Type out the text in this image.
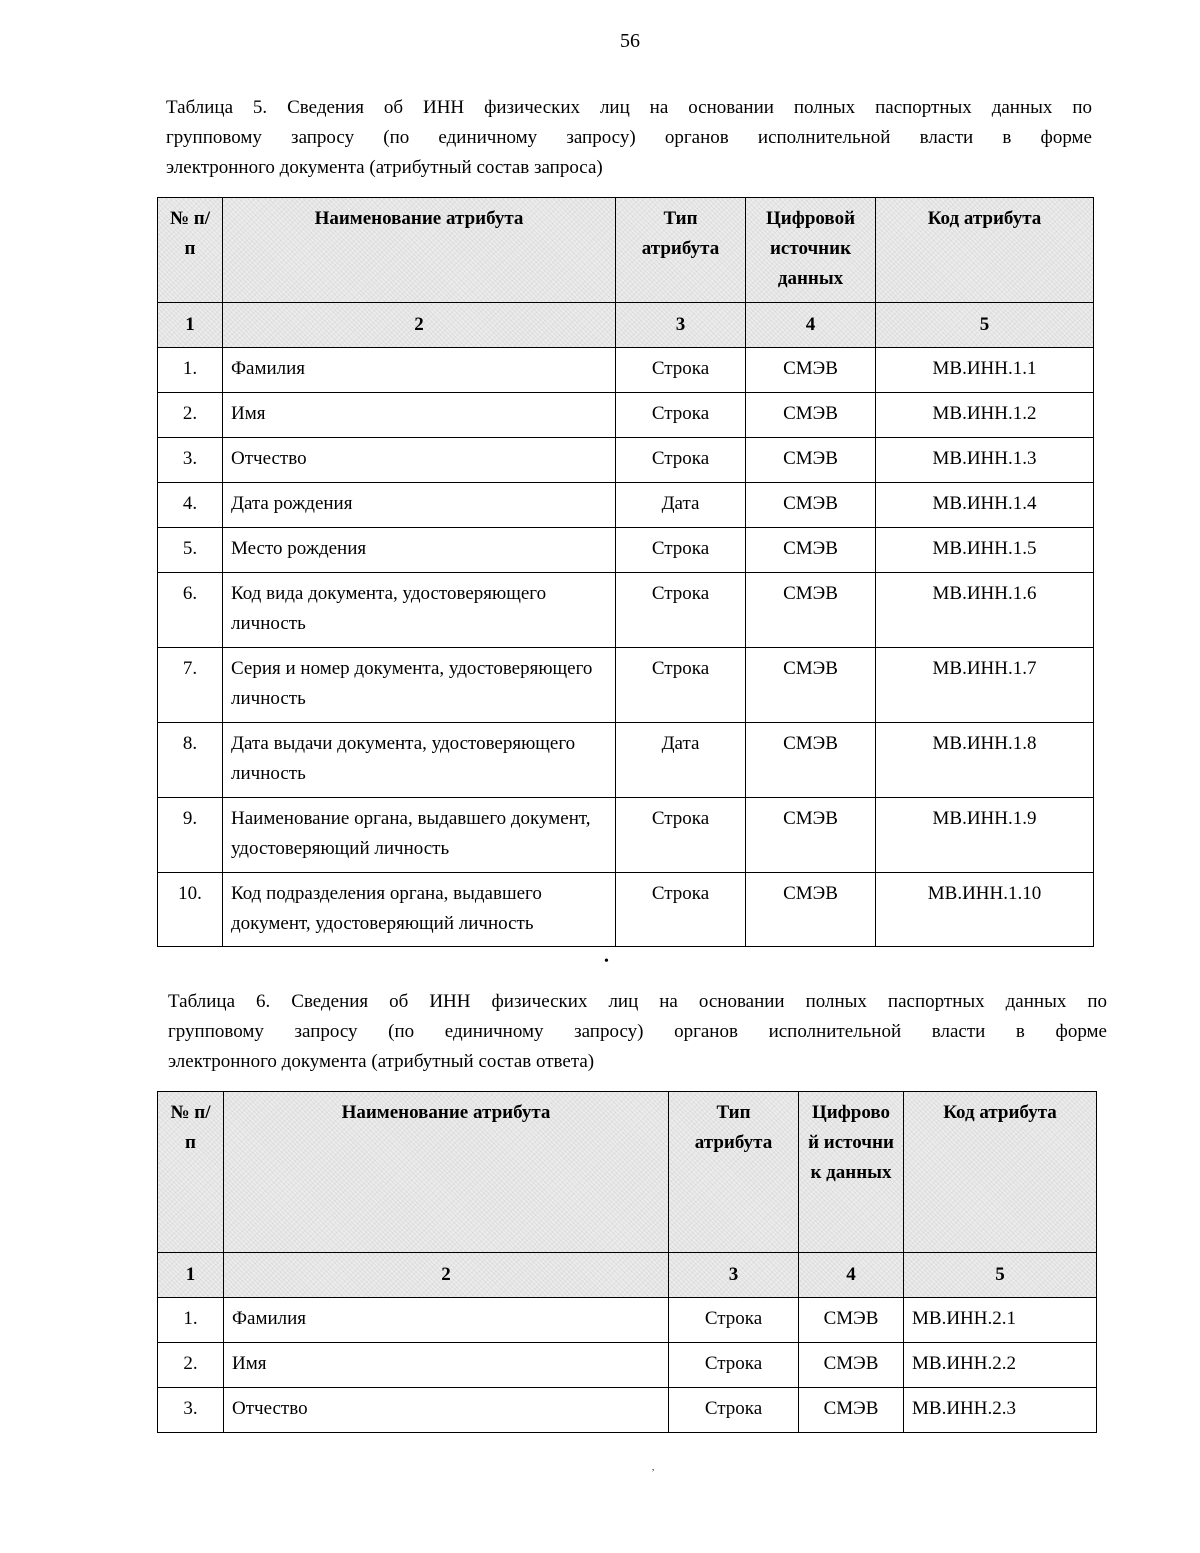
56
Таблица 5. Сведения об ИНН физических лиц на основании полных паспортных данных по
групповому запросу (по единичному запросу) органов исполнительной власти в форме
электронного документа (атрибутный состав запроса)
№ п/п	Наименование атрибута	Тип атрибута	Цифровой источник данных	Код атрибута
1	2	3	4	5
1.	Фамилия	Строка	СМЭВ	МВ.ИНН.1.1
2.	Имя	Строка	СМЭВ	МВ.ИНН.1.2
3.	Отчество	Строка	СМЭВ	МВ.ИНН.1.3
4.	Дата рождения	Дата	СМЭВ	МВ.ИНН.1.4
5.	Место рождения	Строка	СМЭВ	МВ.ИНН.1.5
6.	Код вида документа, удостоверяющего личность	Строка	СМЭВ	МВ.ИНН.1.6
7.	Серия и номер документа, удостоверяющего личность	Строка	СМЭВ	МВ.ИНН.1.7
8.	Дата выдачи документа, удостоверяющего личность	Дата	СМЭВ	МВ.ИНН.1.8
9.	Наименование органа, выдавшего документ, удостоверяющий личность	Строка	СМЭВ	МВ.ИНН.1.9
10.	Код подразделения органа, выдавшего документ, удостоверяющий личность	Строка	СМЭВ	МВ.ИНН.1.10
•
Таблица 6. Сведения об ИНН физических лиц на основании полных паспортных данных по
групповому запросу (по единичному запросу) органов исполнительной власти в форме
электронного документа (атрибутный состав ответа)
№ п/п	Наименование атрибута	Тип атрибута	Цифровой источник данных	Код атрибута
1	2	3	4	5
1.	Фамилия	Строка	СМЭВ	МВ.ИНН.2.1
2.	Имя	Строка	СМЭВ	МВ.ИНН.2.2
3.	Отчество	Строка	СМЭВ	МВ.ИНН.2.3
,
